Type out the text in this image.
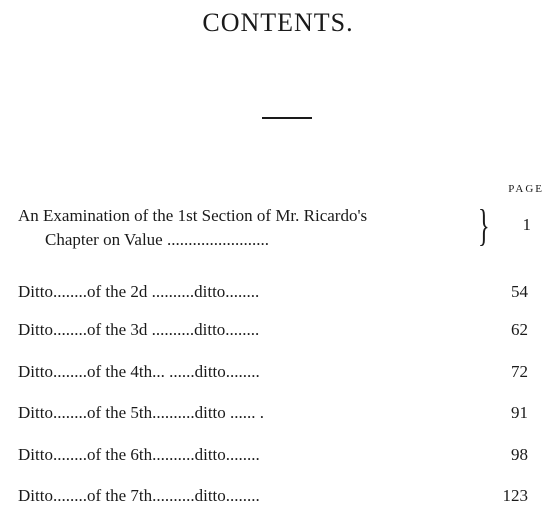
CONTENTS.
PAGE
An Examination of the 1st Section of Mr. Ricardo's
Chapter on Value ........................	} 1
Ditto........of the 2d ..........ditto........	54
Ditto........of the 3d ..........ditto........	62
Ditto........of the 4th... ......ditto........	72
Ditto........of the 5th..........ditto ...... .	91
Ditto........of the 6th..........ditto........	98
Ditto........of the 7th..........ditto........	123
